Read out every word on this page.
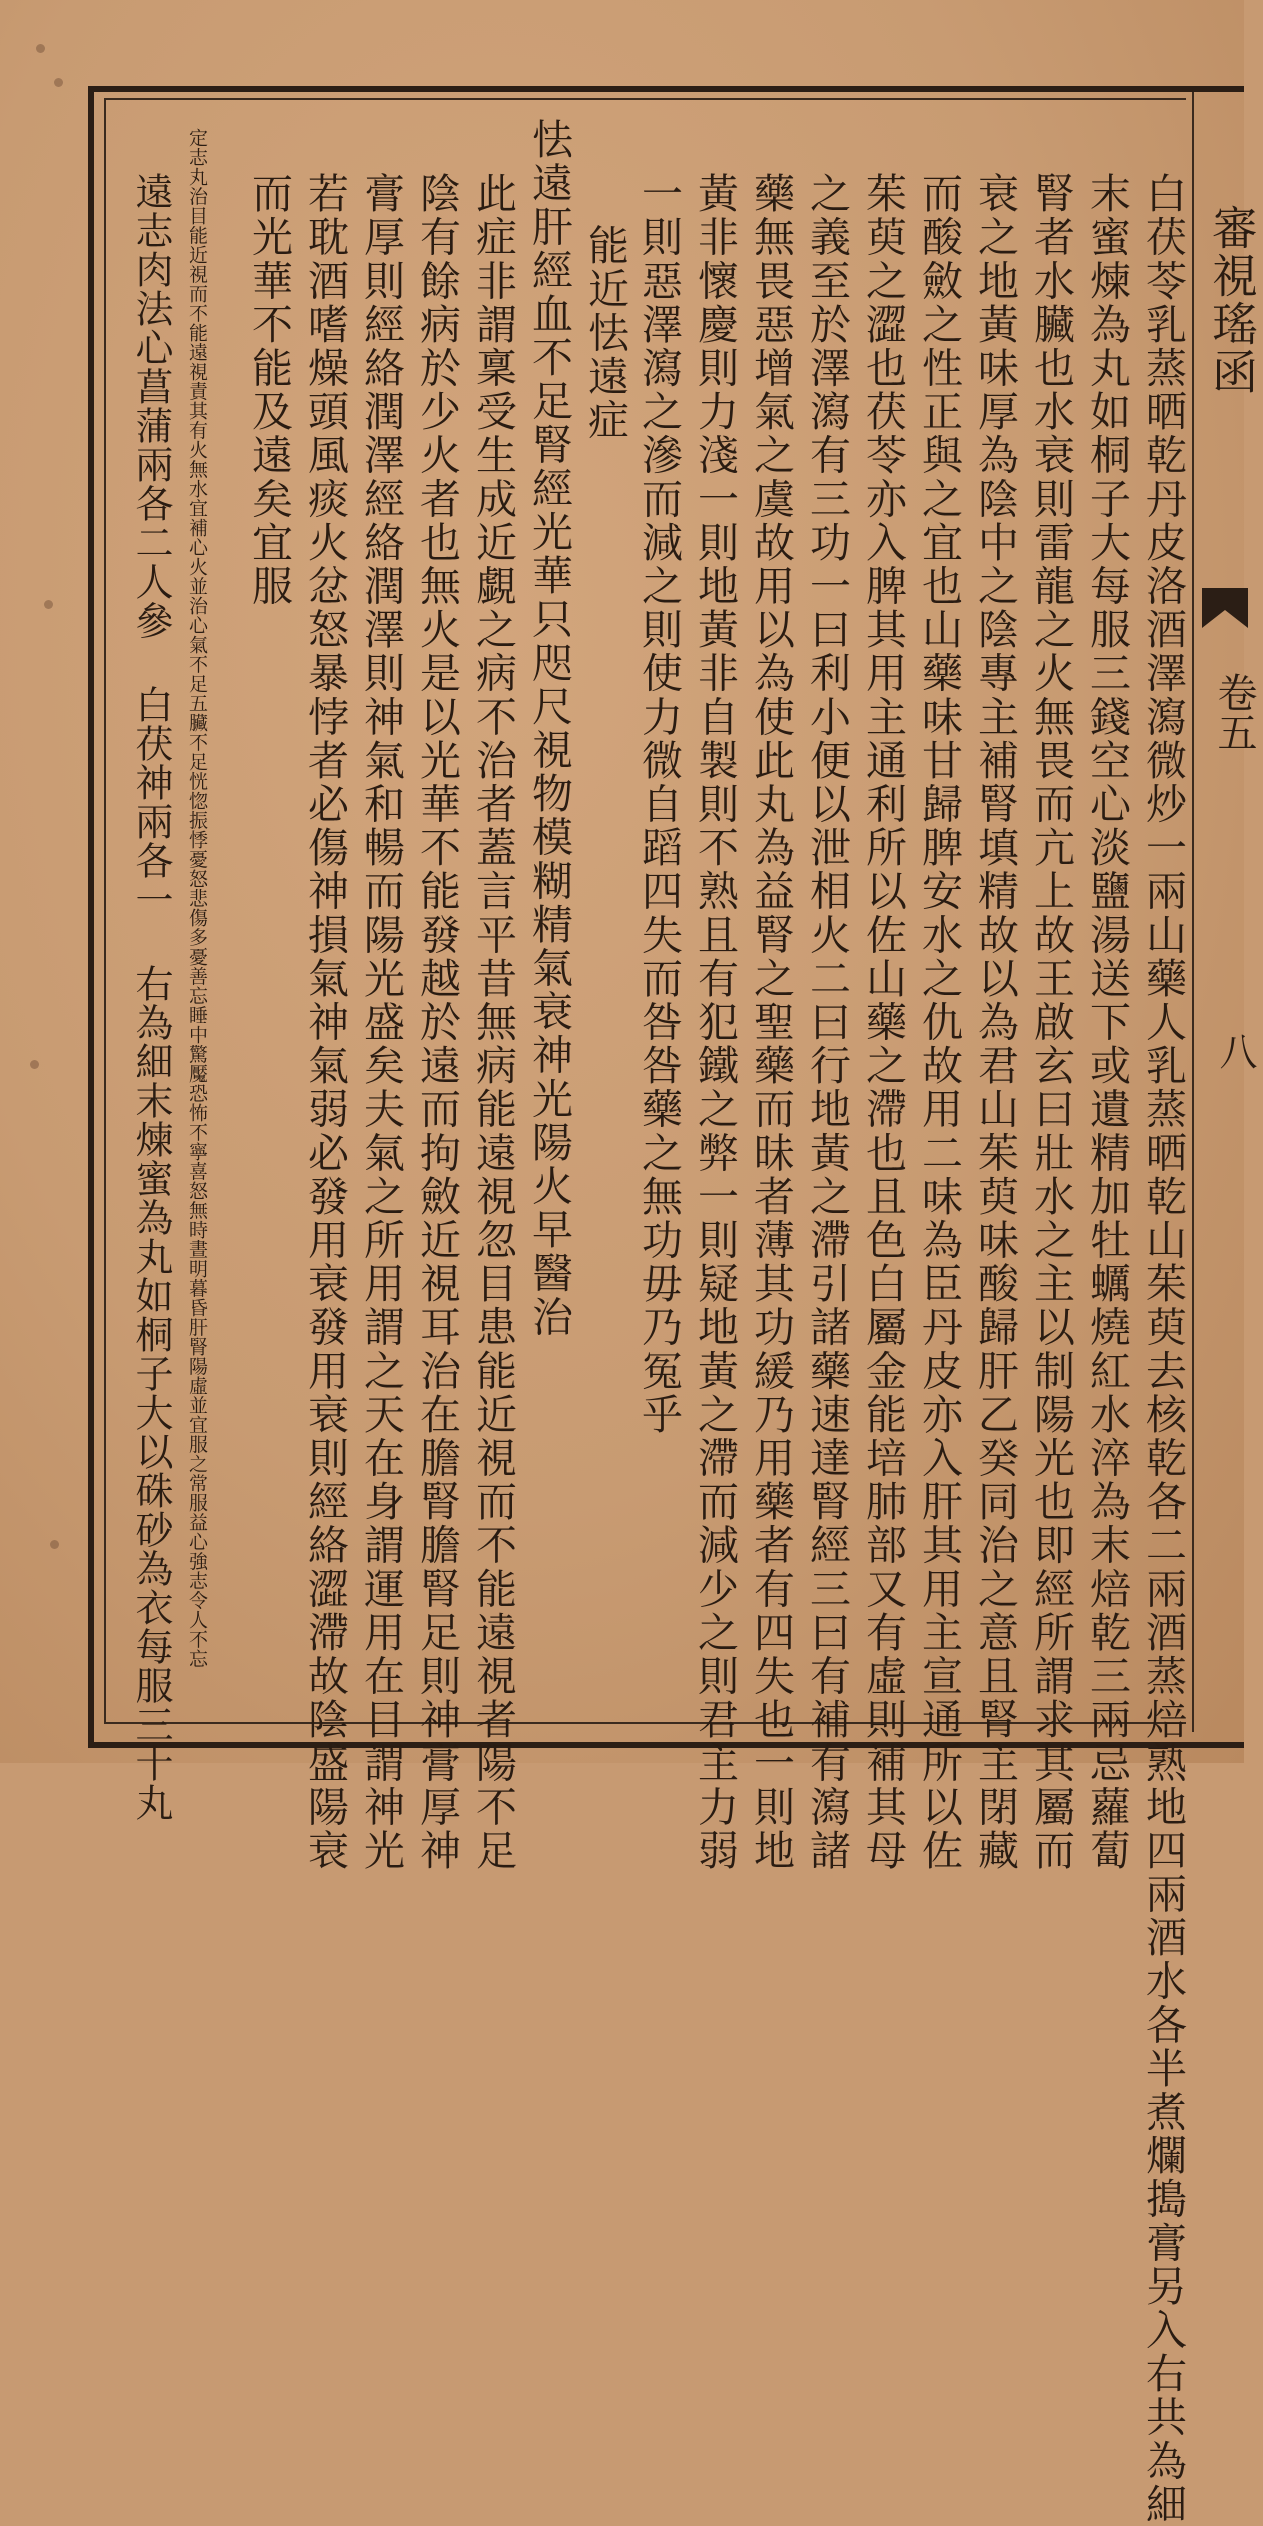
審視瑤函
卷五
八
白茯苓乳蒸晒乾丹皮洛酒澤瀉微炒一兩山藥人乳蒸晒乾山茱萸去核乾各二兩酒蒸焙熟地四兩酒水各半煮爛搗膏另入右共為細
末蜜煉為丸如桐子大每服三錢空心淡鹽湯送下或遺精加牡蠣燒紅水淬為末焙乾三兩忌蘿蔔
腎者水臟也水衰則雷龍之火無畏而亢上故王啟玄曰壯水之主以制陽光也即經所謂求其屬而
衰之地黃味厚為陰中之陰專主補腎填精故以為君山茱萸味酸歸肝乙癸同治之意且腎主閉藏
而酸斂之性正與之宜也山藥味甘歸脾安水之仇故用二味為臣丹皮亦入肝其用主宣通所以佐
茱萸之澀也茯苓亦入脾其用主通利所以佐山藥之滯也且色白屬金能培肺部又有虛則補其母
之義至於澤瀉有三功一曰利小便以泄相火二曰行地黃之滯引諸藥速達腎經三曰有補有瀉諸
藥無畏惡增氣之虞故用以為使此丸為益腎之聖藥而昧者薄其功緩乃用藥者有四失也一則地
黃非懷慶則力淺一則地黃非自製則不熟且有犯鐵之弊一則疑地黃之滯而減少之則君主力弱
一則惡澤瀉之滲而減之則使力微自蹈四失而咎咎藥之無功毋乃冤乎
能近怯遠症
怯遠肝經血不足腎經光華只咫尺視物模糊精氣衰神光陽火早醫治
此症非謂稟受生成近覷之病不治者蓋言平昔無病能遠視忽目患能近視而不能遠視者陽不足
陰有餘病於少火者也無火是以光華不能發越於遠而拘斂近視耳治在膽腎膽腎足則神膏厚神
膏厚則經絡潤澤經絡潤澤則神氣和暢而陽光盛矣夫氣之所用謂之天在身謂運用在目謂神光
若耽酒嗜燥頭風痰火忿怒暴悖者必傷神損氣神氣弱必發用衰發用衰則經絡澀滯故陰盛陽衰
而光華不能及遠矣宜服
定志丸治目能近視而不能遠視責其有火無水宜補心火並治心氣不足五臟不足恍惚振悸憂怒悲傷多憂善忘睡中驚魘恐怖不寧喜怒無時晝明暮昏肝腎陽虛並宜服之常服益心強志令人不忘
遠志肉法心菖蒲兩各二人參 白茯神兩各一 右為細末煉蜜為丸如桐子大以硃砂為衣每服三十丸
